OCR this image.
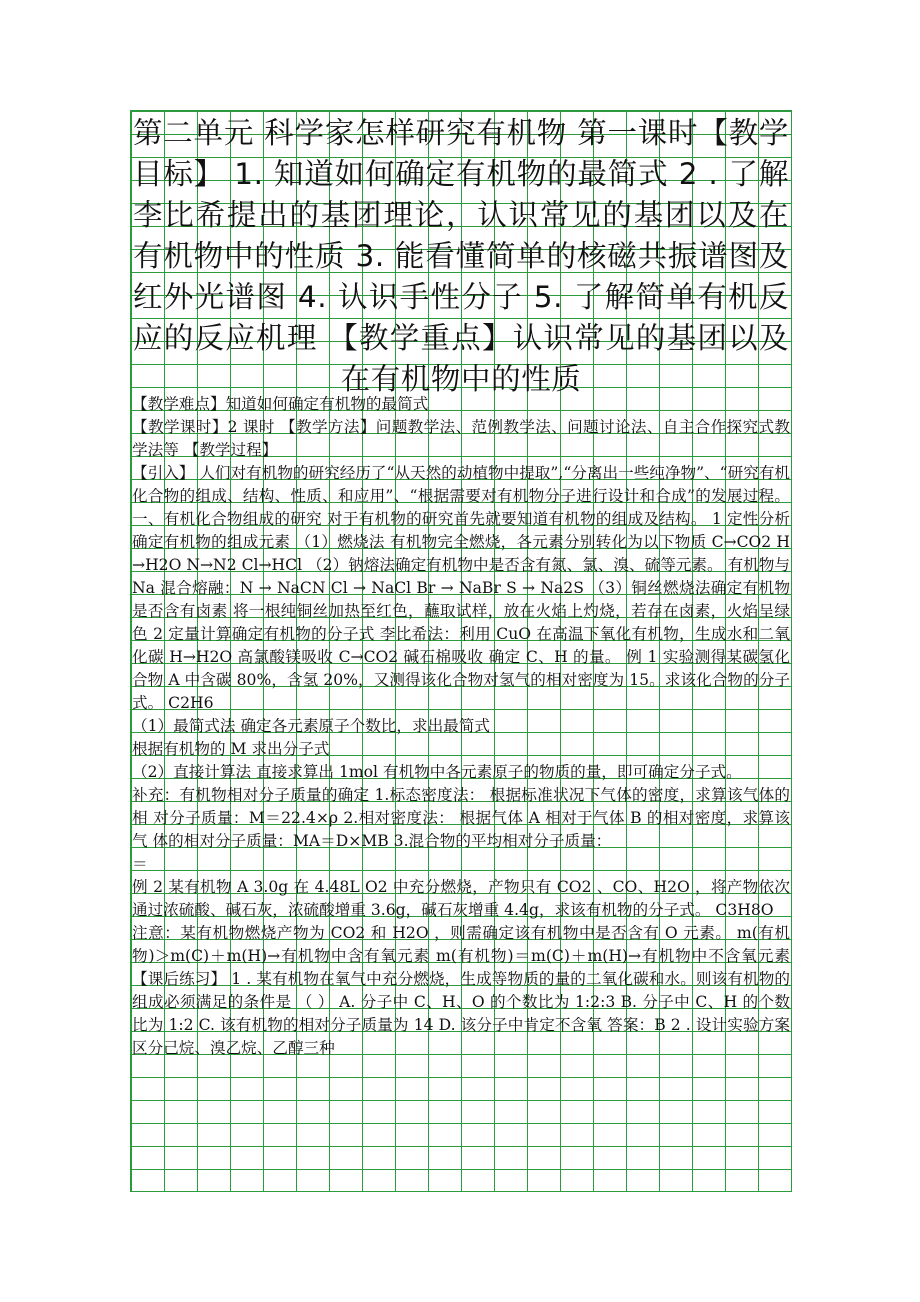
第二单元 科学家怎样研究有机物 第一课时【教学目标】 1. 知道如何确定有机物的最简式 2 . 了解李比希提出的基团理论，认识常见的基团以及在有机物中的性质 3. 能看懂简单的核磁共振谱图及红外光谱图 4. 认识手性分子 5. 了解简单有机反应的反应机理 【教学重点】认识常见的基团以及在有机物中的性质

【教学难点】知道如何确定有机物的最简式

【教学课时】2 课时 【教学方法】问题教学法、范例教学法、问题讨论法、自主合作探究式教学法等 【教学过程】

【引入】 人们对有机物的研究经历了“从天然的动植物中提取”,“分离出一些纯净物”、“研究有机化合物的组成、结构、性质、和应用”、“根据需要对有机物分子进行设计和合成”的发展过程。 一、有机化合物组成的研究 对于有机物的研究首先就要知道有机物的组成及结构。 1 定性分析确定有机物的组成元素 （1）燃烧法 有机物完全燃烧，各元素分别转化为以下物质 C→CO2 H→H2O N→N2 Cl→HCl （2）钠熔法确定有机物中是否含有氮、氯、溴、硫等元素。 有机物与 Na 混合熔融：N → NaCN Cl → NaCl Br → NaBr S → Na2S （3）铜丝燃烧法确定有机物是否含有卤素 将一根纯铜丝加热至红色，蘸取试样，放在火焰上灼烧，若存在卤素，火焰呈绿色 2 定量计算确定有机物的分子式 李比希法：利用 CuO 在高温下氧化有机物，生成水和二氧化碳 H→H2O 高氯酸镁吸收 C→CO2 碱石棉吸收 确定 C、H 的量。 例 1 实验测得某碳氢化合物 A 中含碳 80%，含氢 20%，又测得该化合物对氢气的相对密度为 15。求该化合物的分子式。 C2H6

（1）最简式法 确定各元素原子个数比，求出最简式

根据有机物的 M 求出分子式

（2）直接计算法 直接求算出 1mol 有机物中各元素原子的物质的量，即可确定分子式。

补充：有机物相对分子质量的确定 1.标态密度法： 根据标准状况下气体的密度，求算该气体的相 对分子质量：M＝22.4×ρ 2.相对密度法： 根据气体 A 相对于气体 B 的相对密度，求算该气 体的相对分子质量：MA＝D×MB 3.混合物的平均相对分子质量：

＝

例 2 某有机物 A 3.0g 在 4.48L O2 中充分燃烧，产物只有 CO2 、CO、H2O ，将产物依次通过浓硫酸、碱石灰，浓硫酸增重 3.6g，碱石灰增重 4.4g，求该有机物的分子式。 C3H8O

注意：某有机物燃烧产物为 CO2 和 H2O ，则需确定该有机物中是否含有 O 元素。 m(有机物)＞m(C)＋m(H)→有机物中含有氧元素 m(有机物)＝m(C)＋m(H)→有机物中不含氧元素 【课后练习】 1 . 某有机物在氧气中充分燃烧，生成等物质的量的二氧化碳和水。则该有机物的组成必须满足的条件是 （ ） A. 分子中 C、H、O 的个数比为 1:2:3 B. 分子中 C、H 的个数比为 1:2 C. 该有机物的相对分子质量为 14 D. 该分子中肯定不含氧 答案：B 2 . 设计实验方案区分己烷、溴乙烷、乙醇三种
